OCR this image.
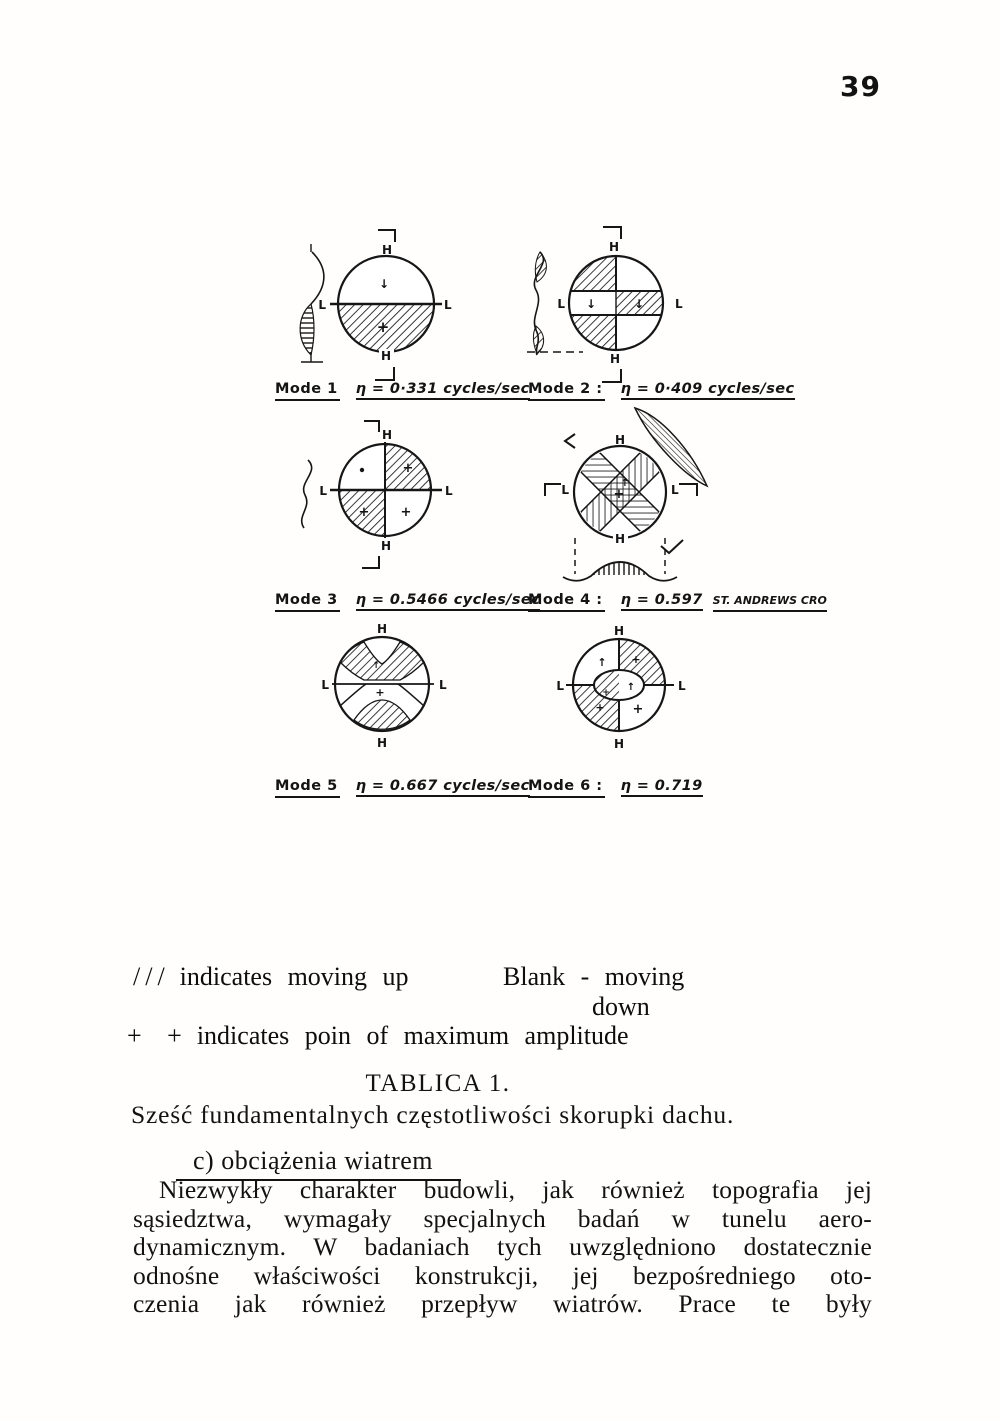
39
↓
+
L	L
H
H
↓	↓
L	L
H
H
+
+ +
L	L
H
H
+
↑
L	L
H
H
+
↑
L	L
H
H
↑ +
↑
+
+ +
L	L
H
H
Mode 1 η = 0·331 cycles/sec
Mode 2 : η = 0·409 cycles/sec
Mode 3 η = 0.5466 cycles/sec
Mode 4 : η = 0.597 ST. ANDREWS CRO
Mode 5 η = 0.667 cycles/sec
Mode 6 : η = 0.719
/// indicates moving up	Blank - moving
down
+ + indicates poin of maximum amplitude
TABLICA 1.
Sześć fundamentalnych częstotliwości skorupki dachu.
c) obciążenia wiatrem
Niezwykły charakter budowli, jak również topografia jej
sąsiedztwa, wymagały specjalnych badań w tunelu aero-
dynamicznym. W badaniach tych uwzględniono dostatecznie
odnośne właściwości konstrukcji, jej bezpośredniego oto-
czenia jak również przepływ wiatrów. Prace te były
